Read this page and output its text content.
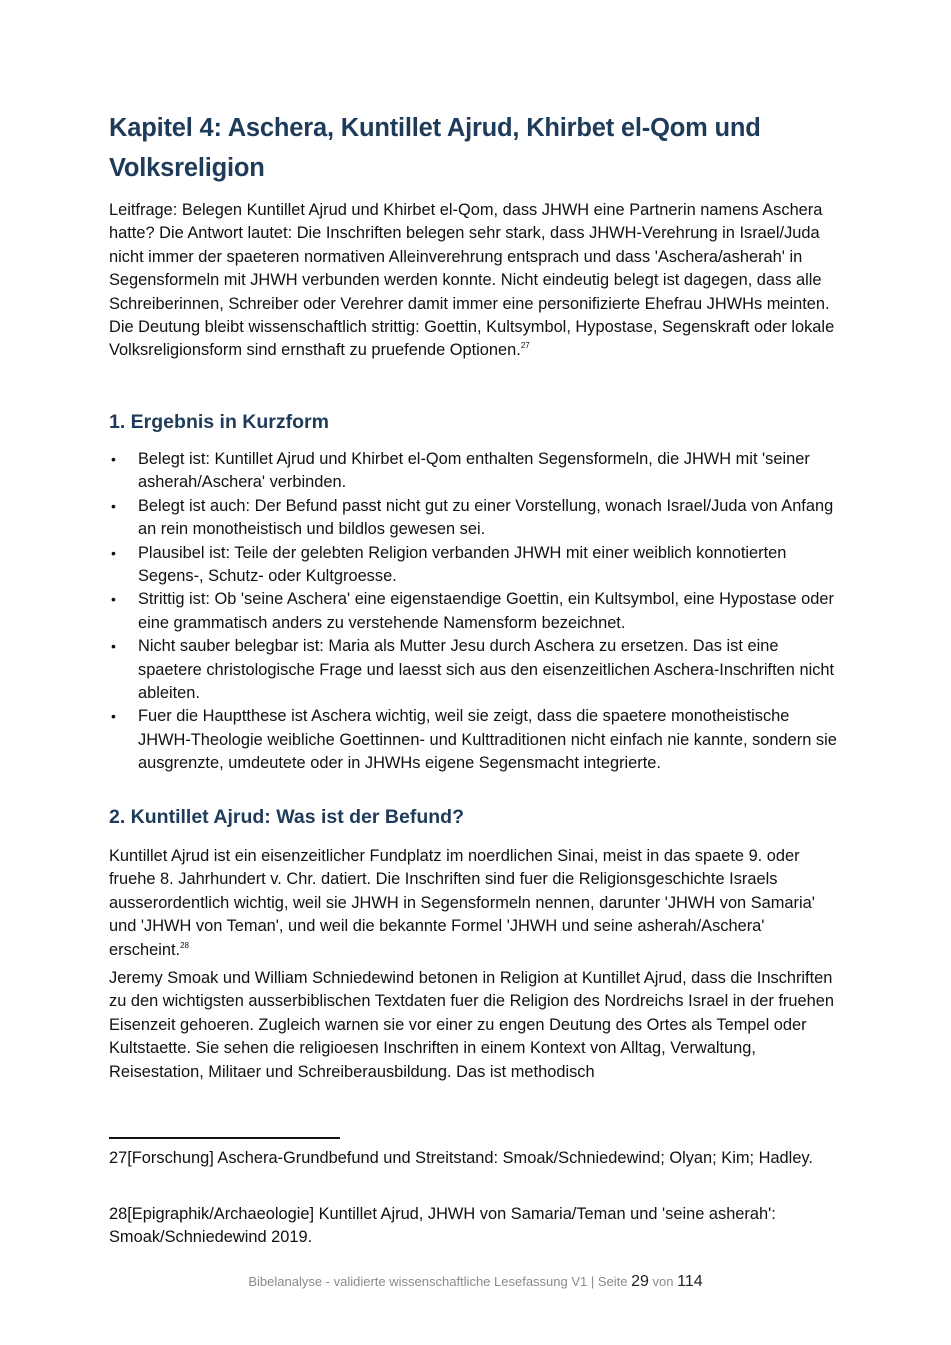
Kapitel 4: Aschera, Kuntillet Ajrud, Khirbet el-Qom und Volksreligion

Leitfrage: Belegen Kuntillet Ajrud und Khirbet el-Qom, dass JHWH eine Partnerin namens Aschera hatte? Die Antwort lautet: Die Inschriften belegen sehr stark, dass JHWH-Verehrung in Israel/Juda nicht immer der spaeteren normativen Alleinverehrung entsprach und dass 'Aschera/asherah' in Segensformeln mit JHWH verbunden werden konnte. Nicht eindeutig belegt ist dagegen, dass alle Schreiberinnen, Schreiber oder Verehrer damit immer eine personifizierte Ehefrau JHWHs meinten. Die Deutung bleibt wissenschaftlich strittig: Goettin, Kultsymbol, Hypostase, Segenskraft oder lokale Volksreligionsform sind ernsthaft zu pruefende Optionen.$^{27}$

1. Ergebnis in Kurzform
• Belegt ist: Kuntillet Ajrud und Khirbet el-Qom enthalten Segensformeln, die JHWH mit 'seiner asherah/Aschera' verbinden.
• Belegt ist auch: Der Befund passt nicht gut zu einer Vorstellung, wonach Israel/Juda von Anfang an rein monotheistisch und bildlos gewesen sei.
• Plausibel ist: Teile der gelebten Religion verbanden JHWH mit einer weiblich konnotierten Segens-, Schutz- oder Kultgroesse.
• Strittig ist: Ob 'seine Aschera' eine eigenstaendige Goettin, ein Kultsymbol, eine Hypostase oder eine grammatisch anders zu verstehende Namensform bezeichnet.
• Nicht sauber belegbar ist: Maria als Mutter Jesu durch Aschera zu ersetzen. Das ist eine spaetere christologische Frage und laesst sich aus den eisenzeitlichen Aschera-Inschriften nicht ableiten.
• Fuer die Hauptthese ist Aschera wichtig, weil sie zeigt, dass die spaetere monotheistische JHWH-Theologie weibliche Goettinnen- und Kulttraditionen nicht einfach nie kannte, sondern sie ausgrenzte, umdeutete oder in JHWHs eigene Segensmacht integrierte.
2. Kuntillet Ajrud: Was ist der Befund?

Kuntillet Ajrud ist ein eisenzeitlicher Fundplatz im noerdlichen Sinai, meist in das spaete 9. oder fruehe 8. Jahrhundert v. Chr. datiert. Die Inschriften sind fuer die Religionsgeschichte Israels ausserordentlich wichtig, weil sie JHWH in Segensformeln nennen, darunter 'JHWH von Samaria' und 'JHWH von Teman', und weil die bekannte Formel 'JHWH und seine asherah/Aschera' erscheint.$^{28}$

Jeremy Smoak und William Schniedewind betonen in Religion at Kuntillet Ajrud, dass die Inschriften zu den wichtigsten ausserbiblischen Textdaten fuer die Religion des Nordreichs Israel in der fruehen Eisenzeit gehoeren. Zugleich warnen sie vor einer zu engen Deutung des Ortes als Tempel oder Kultstaette. Sie sehen die religioesen Inschriften in einem Kontext von Alltag, Verwaltung, Reisestation, Militaer und Schreiberausbildung. Das ist methodisch

27[Forschung] Aschera-Grundbefund und Streitstand: Smoak/Schniedewind; Olyan; Kim; Hadley.

28[Epigraphik/Archaeologie] Kuntillet Ajrud, JHWH von Samaria/Teman und 'seine asherah': Smoak/Schniedewind 2019.

Bibelanalyse - validierte wissenschaftliche Lesefassung V1 | Seite 29 von 114
